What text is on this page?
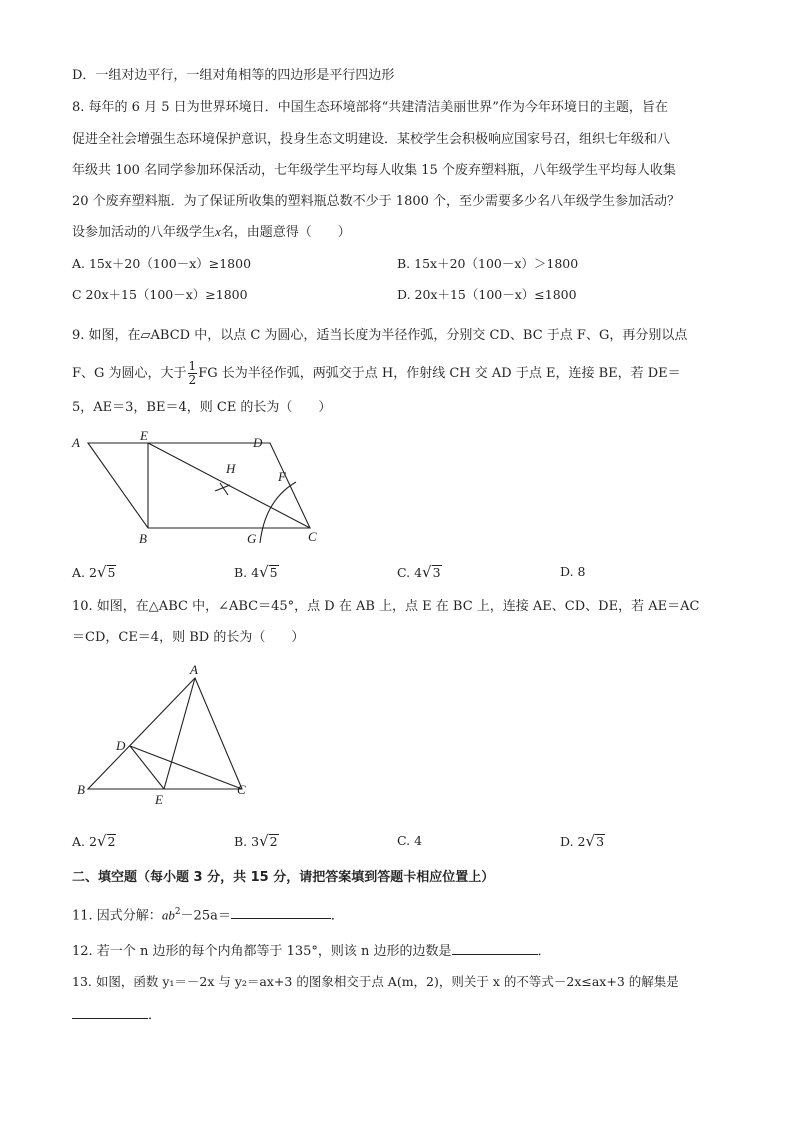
D．一组对边平行，一组对角相等的四边形是平行四边形
8. 每年的 6 月 5 日为世界环境日．中国生态环境部将“共建清洁美丽世界”作为今年环境日的主题，旨在
促进全社会增强生态环境保护意识，投身生态文明建设．某校学生会积极响应国家号召，组织七年级和八
年级共 100 名同学参加环保活动，七年级学生平均每人收集 15 个废弃塑料瓶，八年级学生平均每人收集
20 个废弃塑料瓶．为了保证所收集的塑料瓶总数不少于 1800 个，至少需要多少名八年级学生参加活动？
设参加活动的八年级学生x名，由题意得（　　）
A. 15x＋20（100－x）≥1800	B. 15x＋20（100－x）＞1800
C 20x＋15（100－x）≥1800	D. 20x＋15（100－x）≤1800
9. 如图，在▱ABCD 中，以点 C 为圆心，适当长度为半径作弧，分别交 CD、BC 于点 F、G，再分别以点
F、G 为圆心，大于 $\frac{1}{2}$ FG 长为半径作弧，两弧交于点 H，作射线 CH 交 AD 于点 E，连接 BE，若 DE＝
5，AE＝3，BE＝4，则 CE 的长为（　　）
A	E	D
H
F
B	G	C
A. 2√5	B. 4√5	C. 4√3	D. 8
10. 如图，在△ABC 中，∠ABC＝45°，点 D 在 AB 上，点 E 在 BC 上，连接 AE、CD、DE，若 AE＝AC
＝CD，CE＝4，则 BD 的长为（　　）
A
D
B
E
C
A. 2√2	B. 3√2	C. 4	D. 2√3
二、填空题（每小题 3 分，共 15 分，请把答案填到答题卡相应位置上）
11. 因式分解：$ab^2-25a=$	．
12. 若一个 n 边形的每个内角都等于 135°，则该 n 边形的边数是	．
13. 如图，函数 y₁＝－2x 与 y₂＝ax+3 的图象相交于点 A(m，2)，则关于 x 的不等式－2x≤ax+3 的解集是
．
